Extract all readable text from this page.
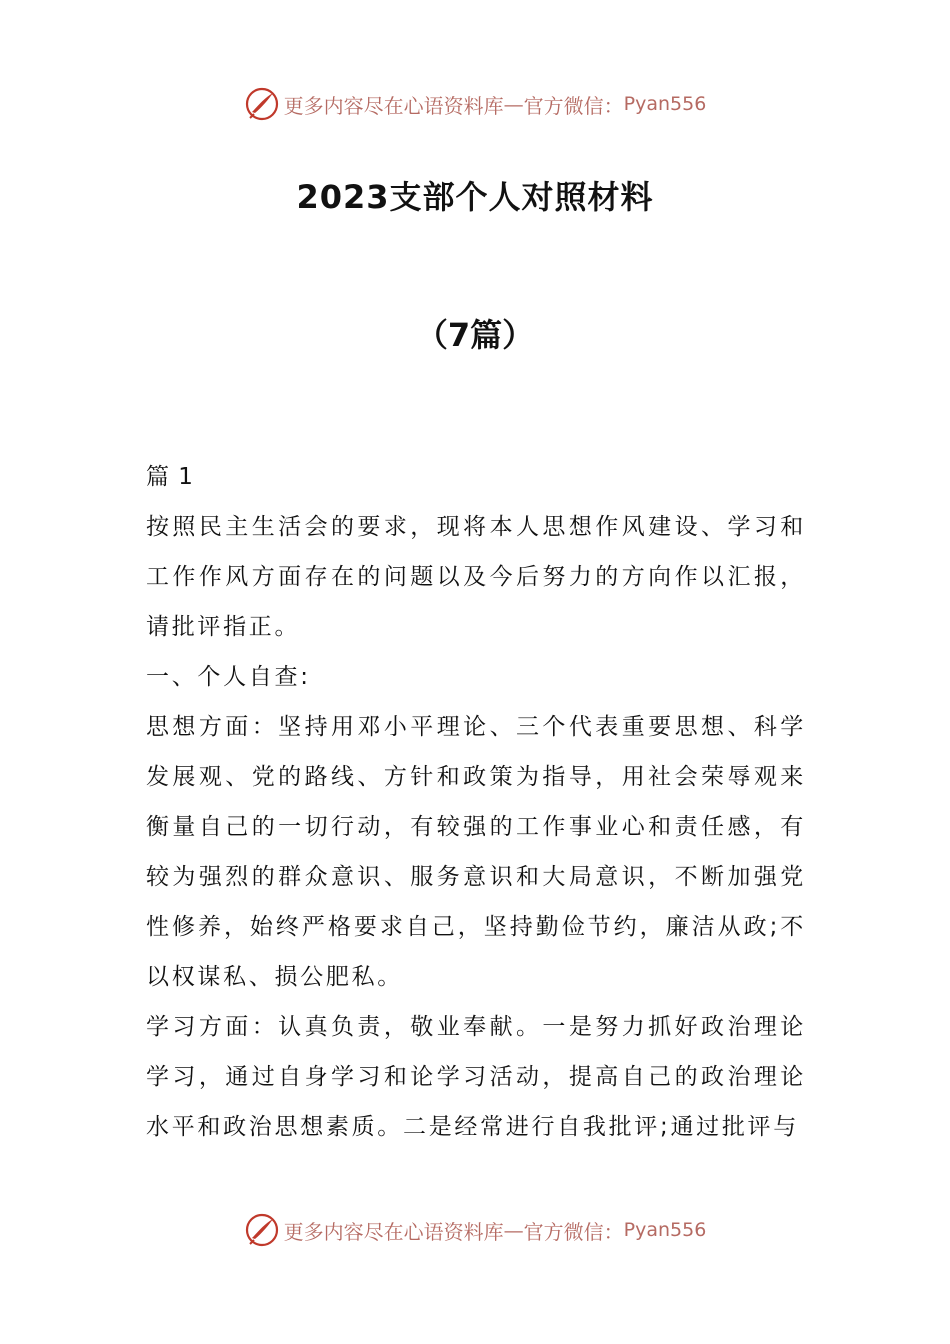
更多内容尽在心语资料库 — 官方微信： Pyan556
2023支部个人对照材料
（7篇）

篇 1

按照民主生活会的要求，现将本人思想作风建设、学习和工作作风方面存在的问题以及今后努力的方向作以汇报，请批评指正。

一、个人自查:

思想方面：坚持用邓小平理论、三个代表重要思想、科学发展观、党的路线、方针和政策为指导，用社会荣辱观来衡量自己的一切行动，有较强的工作事业心和责任感，有较为强烈的群众意识、服务意识和大局意识，不断加强党性修养，始终严格要求自己，坚持勤俭节约，廉洁从政;不以权谋私、损公肥私。

学习方面：认真负责，敬业奉献。一是努力抓好政治理论学习，通过自身学习和论学习活动，提高自己的政治理论水平和政治思想素质。二是经常进行自我批评;通过批评与

更多内容尽在心语资料库 — 官方微信： Pyan556
